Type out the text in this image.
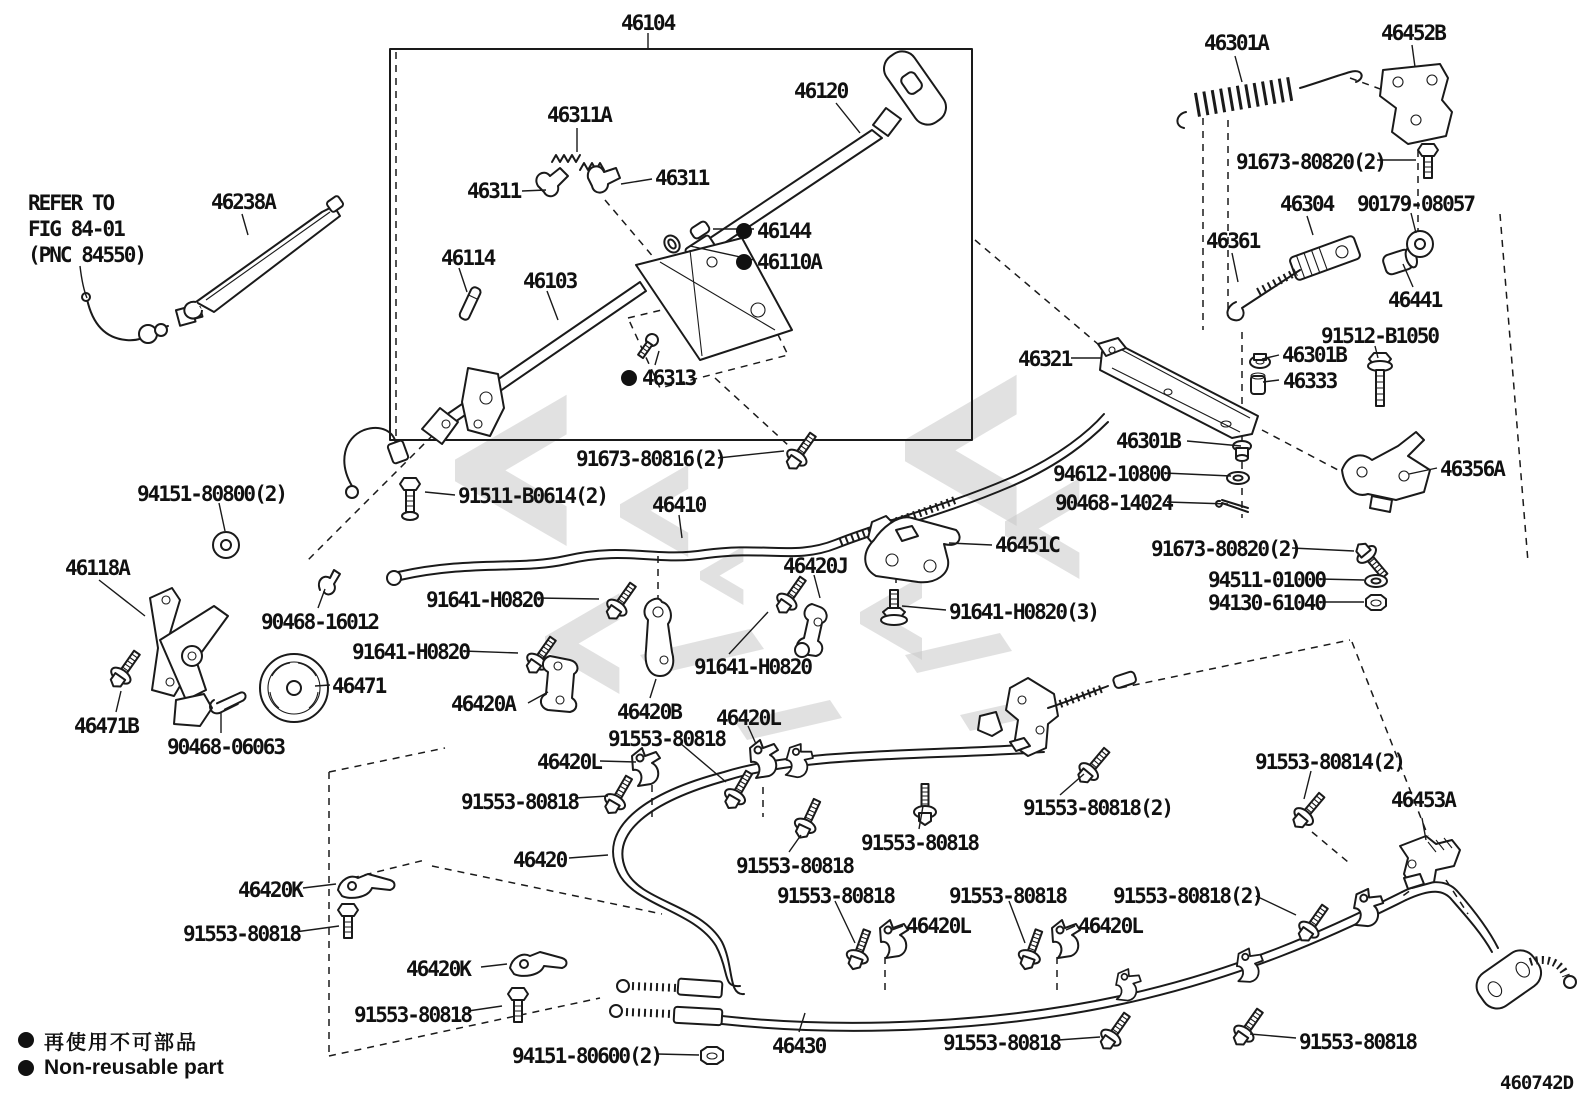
46104
46120
46311A
46311
46311
46144
46110A
46114
46103
46313
46238A
46301A	46452B
91673-80820(2)
46304 90179-08057
46361
46441
91512-B1050
46301B
46333
46321
46301B
94612-10800
90468-14024
46356A
91673-80820(2)
94511-01000
94130-61040
91673-80816(2)
91511-B0614(2) 46410
94151-80800(2)
46118A
90468-16012
91641-H0820
91641-H0820
46471
46471B
90468-06063
46420J
91641-H0820
46451C
91641-H0820(3)
46420A	46420B 46420L
91553-80818
46420L
91553-80818
46420
46420K
91553-80818
46420K
91553-80818
94151-80600(2)	46430
91553-80818
91553-80818
91553-80818	91553-80818
46420L	46420L
91553-80818(2)
91553-80818
91553-80818(2)
91553-80814(2)
46453A
91553-80818
REFER TO
FIG 84-01
(PNC 84550)
再使用不可部品
Non-reusable part
460742D
